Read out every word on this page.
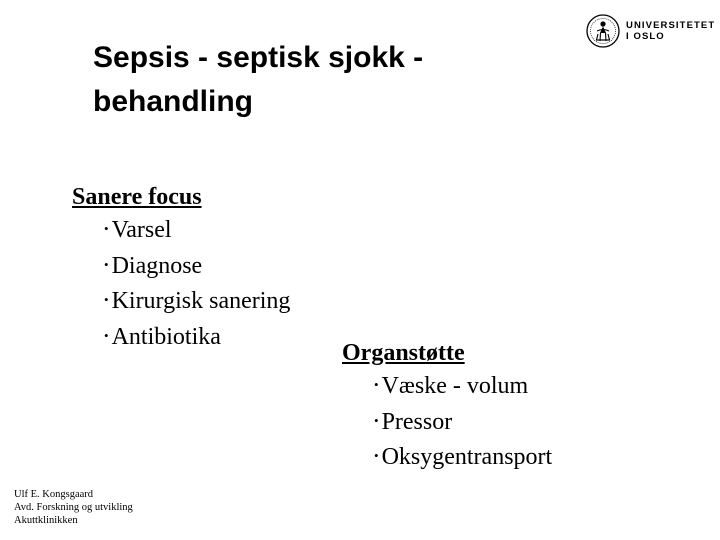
Sepsis - septisk sjokk -
behandling
UNIVERSITETET
I OSLO
Sanere focus
• Varsel
• Diagnose
• Kirurgisk sanering
• Antibiotika
Organstøtte
• Væske - volum
• Pressor
• Oksygentransport
Ulf E. Kongsgaard
Avd. Forskning og utvikling
Akuttklinikken
